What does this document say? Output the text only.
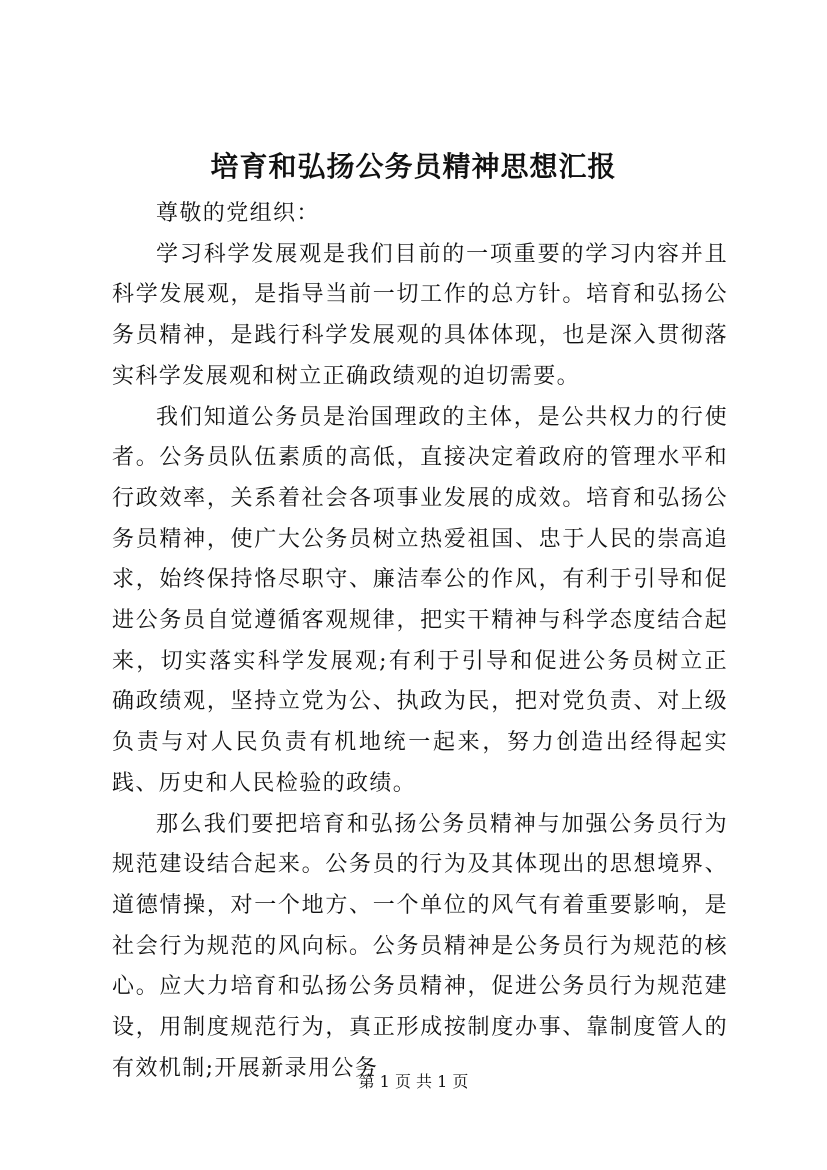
培育和弘扬公务员精神思想汇报

尊敬的党组织：

学习科学发展观是我们目前的一项重要的学习内容并且科学发展观，是指导当前一切工作的总方针。培育和弘扬公务员精神，是践行科学发展观的具体体现，也是深入贯彻落实科学发展观和树立正确政绩观的迫切需要。

我们知道公务员是治国理政的主体，是公共权力的行使者。公务员队伍素质的高低，直接决定着政府的管理水平和行政效率，关系着社会各项事业发展的成效。培育和弘扬公务员精神，使广大公务员树立热爱祖国、忠于人民的崇高追求，始终保持恪尽职守、廉洁奉公的作风，有利于引导和促进公务员自觉遵循客观规律，把实干精神与科学态度结合起来，切实落实科学发展观;有利于引导和促进公务员树立正确政绩观，坚持立党为公、执政为民，把对党负责、对上级负责与对人民负责有机地统一起来，努力创造出经得起实践、历史和人民检验的政绩。

那么我们要把培育和弘扬公务员精神与加强公务员行为规范建设结合起来。公务员的行为及其体现出的思想境界、道德情操，对一个地方、一个单位的风气有着重要影响，是社会行为规范的风向标。公务员精神是公务员行为规范的核心。应大力培育和弘扬公务员精神，促进公务员行为规范建设，用制度规范行为，真正形成按制度办事、靠制度管人的有效机制;开展新录用公务

第 1 页 共 1 页
